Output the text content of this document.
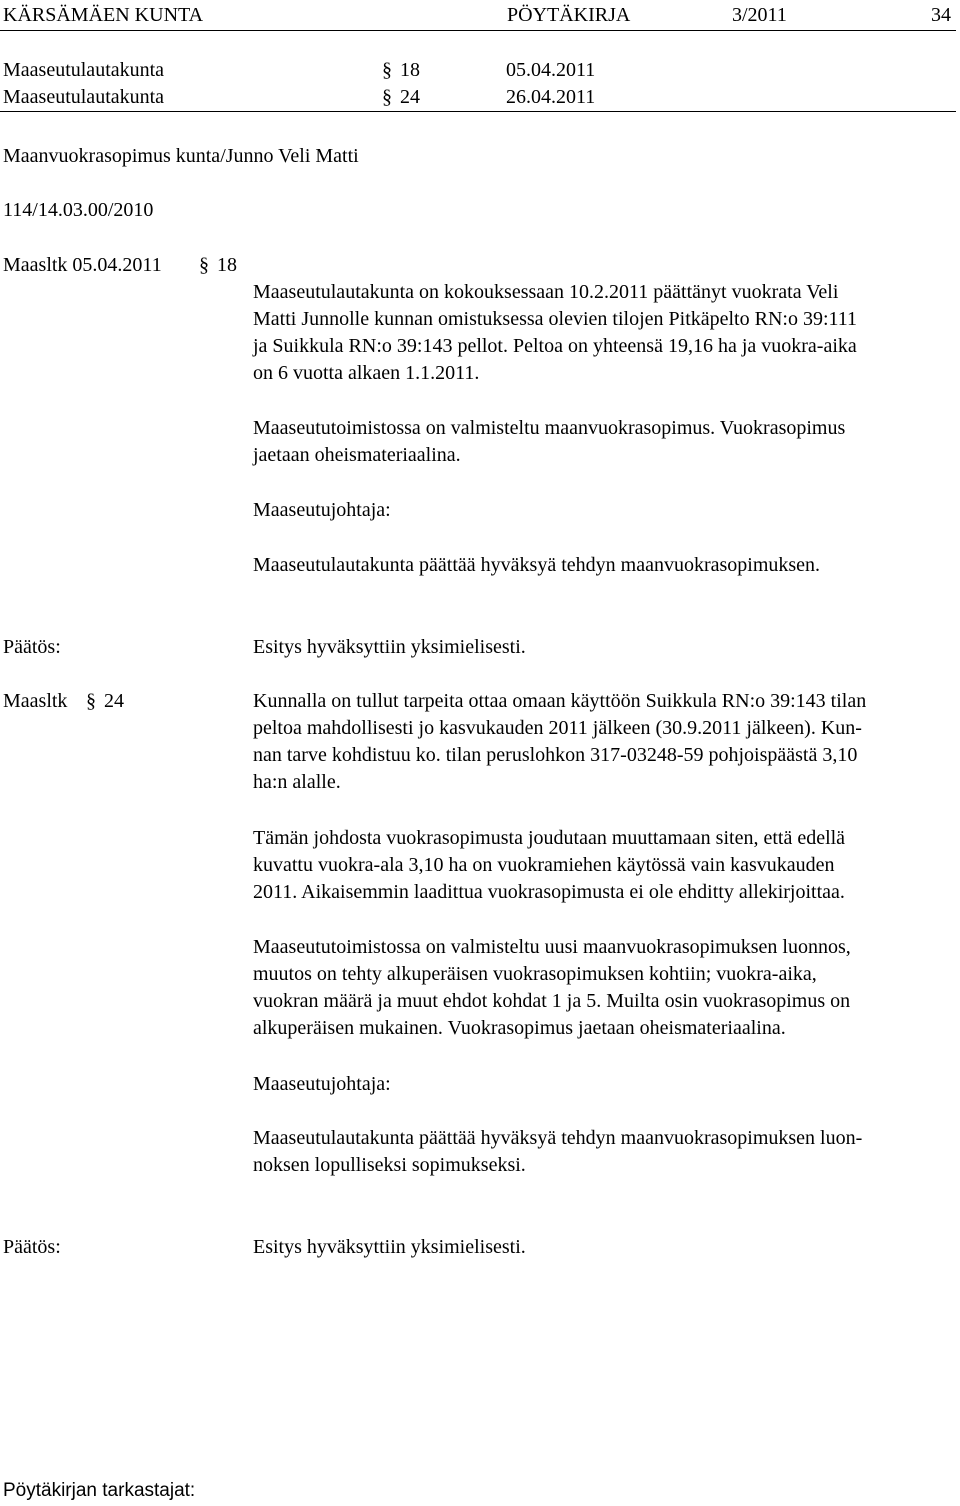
KÄRSÄMÄEN KUNTA	PÖYTÄKIRJA	3/2011	34
Maaseutulautakunta	§ 18	05.04.2011
Maaseutulautakunta	§ 24	26.04.2011
Maanvuokrasopimus kunta/Junno Veli Matti
114/14.03.00/2010
Maasltk 05.04.2011 § 18
Maaseutulautakunta on kokouksessaan 10.2.2011 päättänyt vuokrata Veli
Matti Junnolle kunnan omistuksessa olevien tilojen Pitkäpelto RN:o 39:111
ja Suikkula RN:o 39:143 pellot. Peltoa on yhteensä 19,16 ha ja vuokra-aika
on 6 vuotta alkaen 1.1.2011.
Maaseututoimistossa on valmisteltu maanvuokrasopimus. Vuokrasopimus
jaetaan oheismateriaalina.
Maaseutujohtaja:
Maaseutulautakunta päättää hyväksyä tehdyn maanvuokrasopimuksen.
Päätös:	Esitys hyväksyttiin yksimielisesti.
Maasltk § 24	Kunnalla on tullut tarpeita ottaa omaan käyttöön Suikkula RN:o 39:143 tilan
peltoa mahdollisesti jo kasvukauden 2011 jälkeen (30.9.2011 jälkeen). Kun-
nan tarve kohdistuu ko. tilan peruslohkon 317-03248-59 pohjoispäästä 3,10
ha:n alalle.
Tämän johdosta vuokrasopimusta joudutaan muuttamaan siten, että edellä
kuvattu vuokra-ala 3,10 ha on vuokramiehen käytössä vain kasvukauden
2011. Aikaisemmin laadittua vuokrasopimusta ei ole ehditty allekirjoittaa.
Maaseututoimistossa on valmisteltu uusi maanvuokrasopimuksen luonnos,
muutos on tehty alkuperäisen vuokrasopimuksen kohtiin; vuokra-aika,
vuokran määrä ja muut ehdot kohdat 1 ja 5. Muilta osin vuokrasopimus on
alkuperäisen mukainen. Vuokrasopimus jaetaan oheismateriaalina.
Maaseutujohtaja:
Maaseutulautakunta päättää hyväksyä tehdyn maanvuokrasopimuksen luon-
noksen lopulliseksi sopimukseksi.
Päätös:	Esitys hyväksyttiin yksimielisesti.
Pöytäkirjan tarkastajat:
